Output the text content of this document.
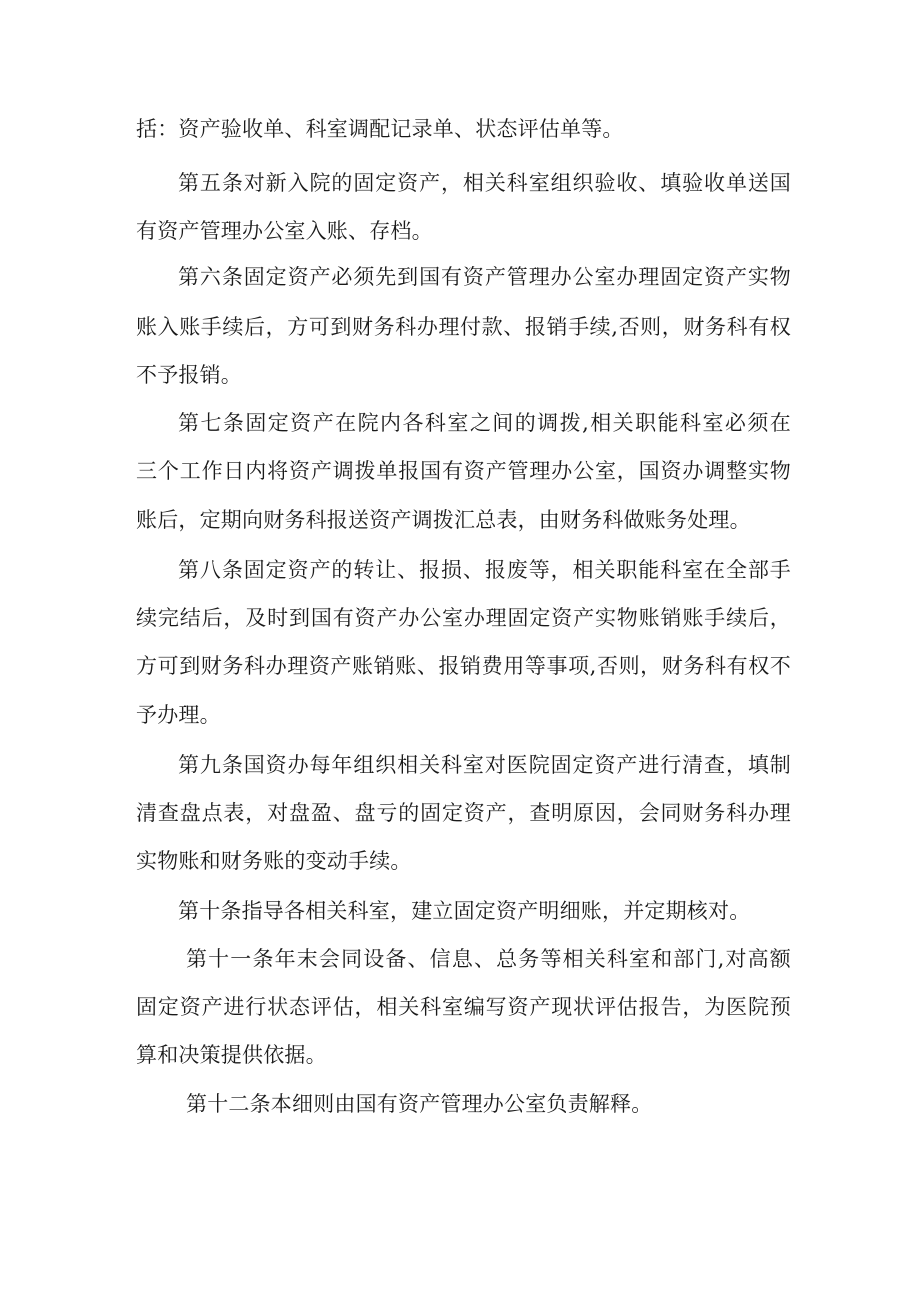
括：资产验收单、科室调配记录单、状态评估单等。
第五条对新入院的固定资产，相关科室组织验收、填验收单送国
有资产管理办公室入账、存档。
第六条固定资产必须先到国有资产管理办公室办理固定资产实物
账入账手续后，方可到财务科办理付款、报销手续,否则，财务科有权
不予报销。
第七条固定资产在院内各科室之间的调拨,相关职能科室必须在
三个工作日内将资产调拨单报国有资产管理办公室，国资办调整实物
账后，定期向财务科报送资产调拨汇总表，由财务科做账务处理。
第八条固定资产的转让、报损、报废等，相关职能科室在全部手
续完结后，及时到国有资产办公室办理固定资产实物账销账手续后，
方可到财务科办理资产账销账、报销费用等事项,否则，财务科有权不
予办理。
第九条国资办每年组织相关科室对医院固定资产进行清查，填制
清查盘点表，对盘盈、盘亏的固定资产，查明原因，会同财务科办理
实物账和财务账的变动手续。
第十条指导各相关科室，建立固定资产明细账，并定期核对。
第十一条年末会同设备、信息、总务等相关科室和部门,对高额
固定资产进行状态评估，相关科室编写资产现状评估报告，为医院预
算和决策提供依据。
第十二条本细则由国有资产管理办公室负责解释。
